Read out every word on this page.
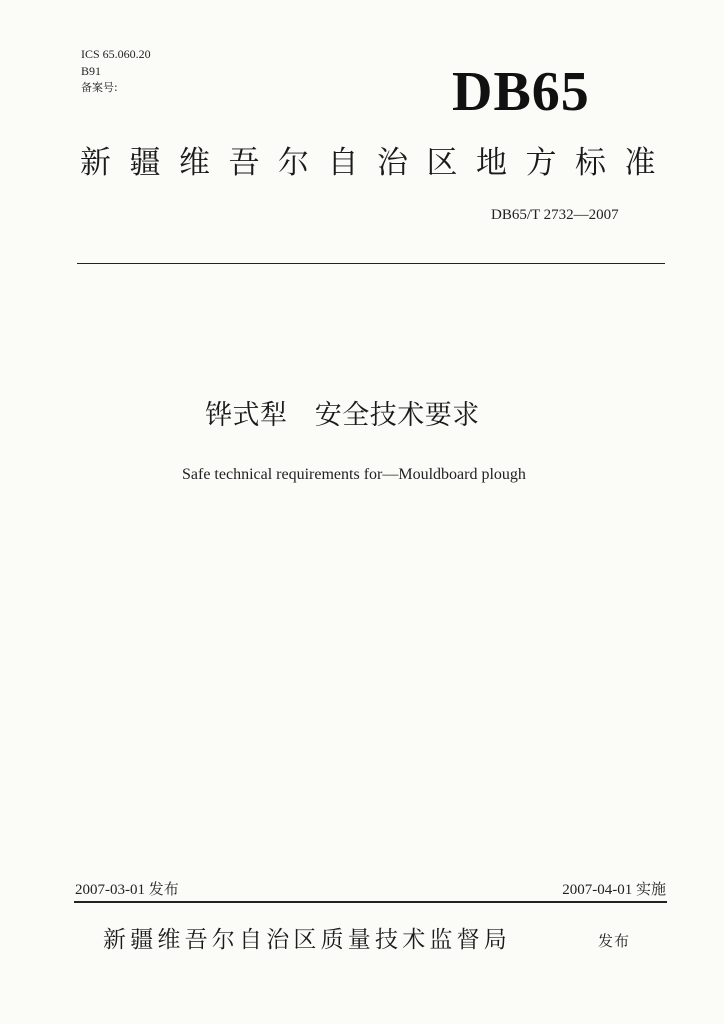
ICS 65.060.20
B91
备案号:	DB65
新疆维吾尔自治区地方标准
DB65/T 2732—2007
铧式犁   安全技术要求
Safe technical requirements for—Mouldboard plough
2007-03-01 发布	2007-04-01 实施
新疆维吾尔自治区质量技术监督局	发布
